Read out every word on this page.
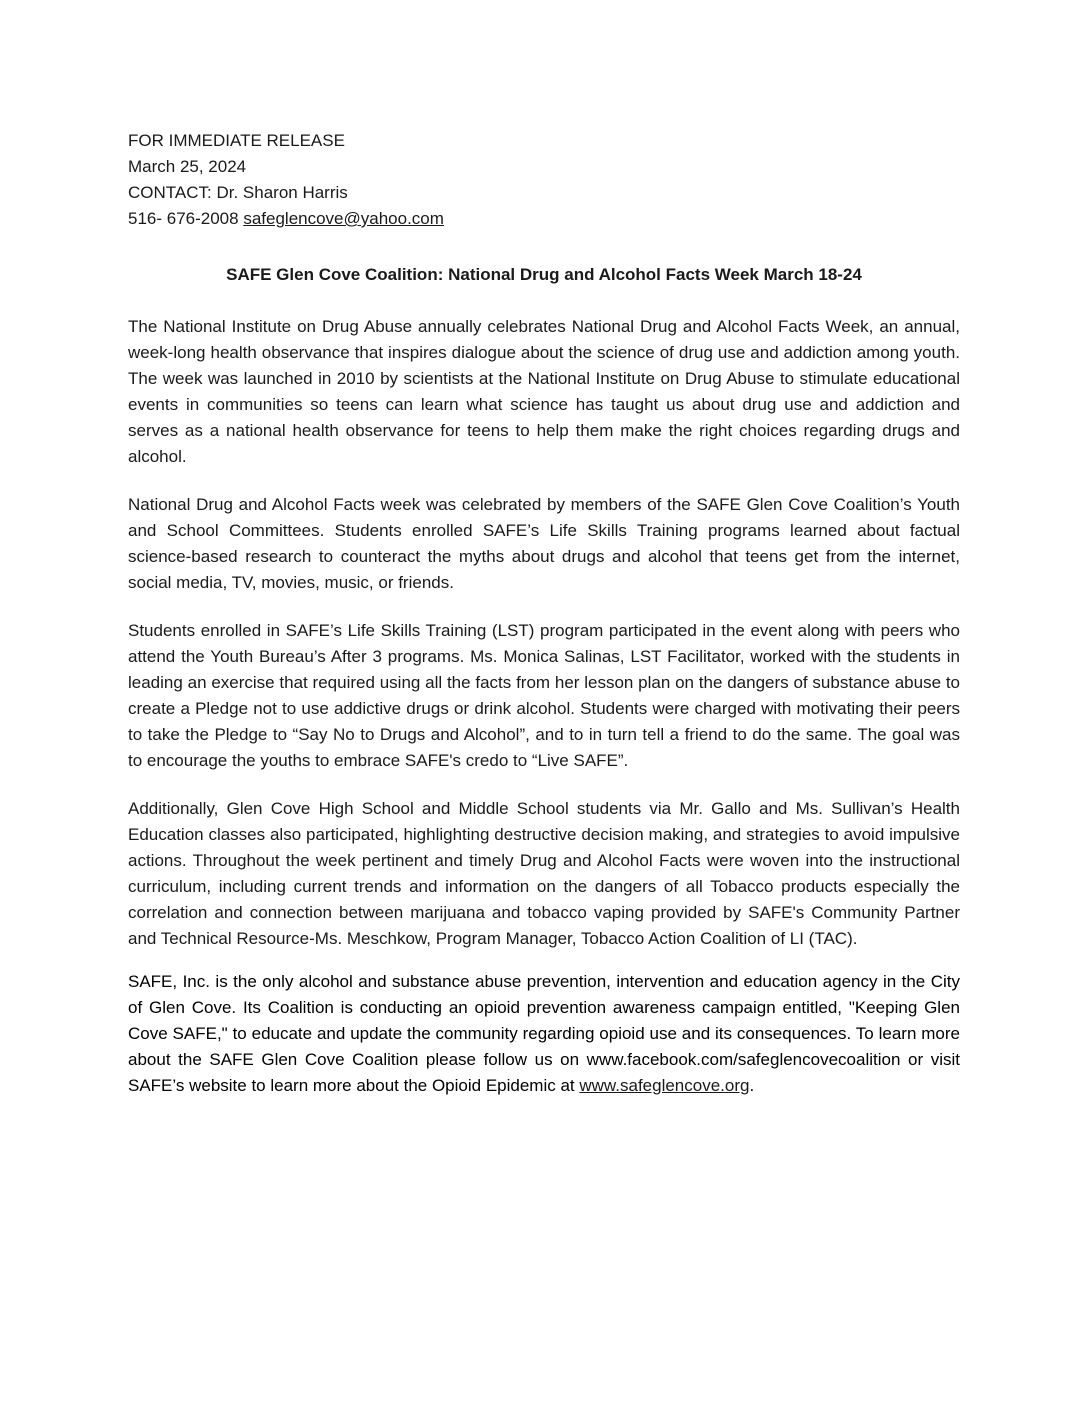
FOR IMMEDIATE RELEASE
March 25, 2024
CONTACT: Dr. Sharon Harris
516- 676-2008 safeglencove@yahoo.com
SAFE Glen Cove Coalition: National Drug and Alcohol Facts Week March 18-24

The National Institute on Drug Abuse annually celebrates National Drug and Alcohol Facts Week, an annual, week-long health observance that inspires dialogue about the science of drug use and addiction among youth. The week was launched in 2010 by scientists at the National Institute on Drug Abuse to stimulate educational events in communities so teens can learn what science has taught us about drug use and addiction and serves as a national health observance for teens to help them make the right choices regarding drugs and alcohol.

National Drug and Alcohol Facts week was celebrated by members of the SAFE Glen Cove Coalition’s Youth and School Committees. Students enrolled SAFE’s Life Skills Training programs learned about factual science-based research to counteract the myths about drugs and alcohol that teens get from the internet, social media, TV, movies, music, or friends.

Students enrolled in SAFE’s Life Skills Training (LST) program participated in the event along with peers who attend the Youth Bureau’s After 3 programs. Ms. Monica Salinas, LST Facilitator, worked with the students in leading an exercise that required using all the facts from her lesson plan on the dangers of substance abuse to create a Pledge not to use addictive drugs or drink alcohol. Students were charged with motivating their peers to take the Pledge to “Say No to Drugs and Alcohol”, and to in turn tell a friend to do the same. The goal was to encourage the youths to embrace SAFE's credo to “Live SAFE”.

Additionally, Glen Cove High School and Middle School students via Mr. Gallo and Ms. Sullivan’s Health Education classes also participated, highlighting destructive decision making, and strategies to avoid impulsive actions. Throughout the week pertinent and timely Drug and Alcohol Facts were woven into the instructional curriculum, including current trends and information on the dangers of all Tobacco products especially the correlation and connection between marijuana and tobacco vaping provided by SAFE's Community Partner and Technical Resource-Ms. Meschkow, Program Manager, Tobacco Action Coalition of LI (TAC).

SAFE, Inc. is the only alcohol and substance abuse prevention, intervention and education agency in the City of Glen Cove. Its Coalition is conducting an opioid prevention awareness campaign entitled, "Keeping Glen Cove SAFE," to educate and update the community regarding opioid use and its consequences. To learn more about the SAFE Glen Cove Coalition please follow us on www.facebook.com/safeglencovecoalition or visit SAFE’s website to learn more about the Opioid Epidemic at www.safeglencove.org.
